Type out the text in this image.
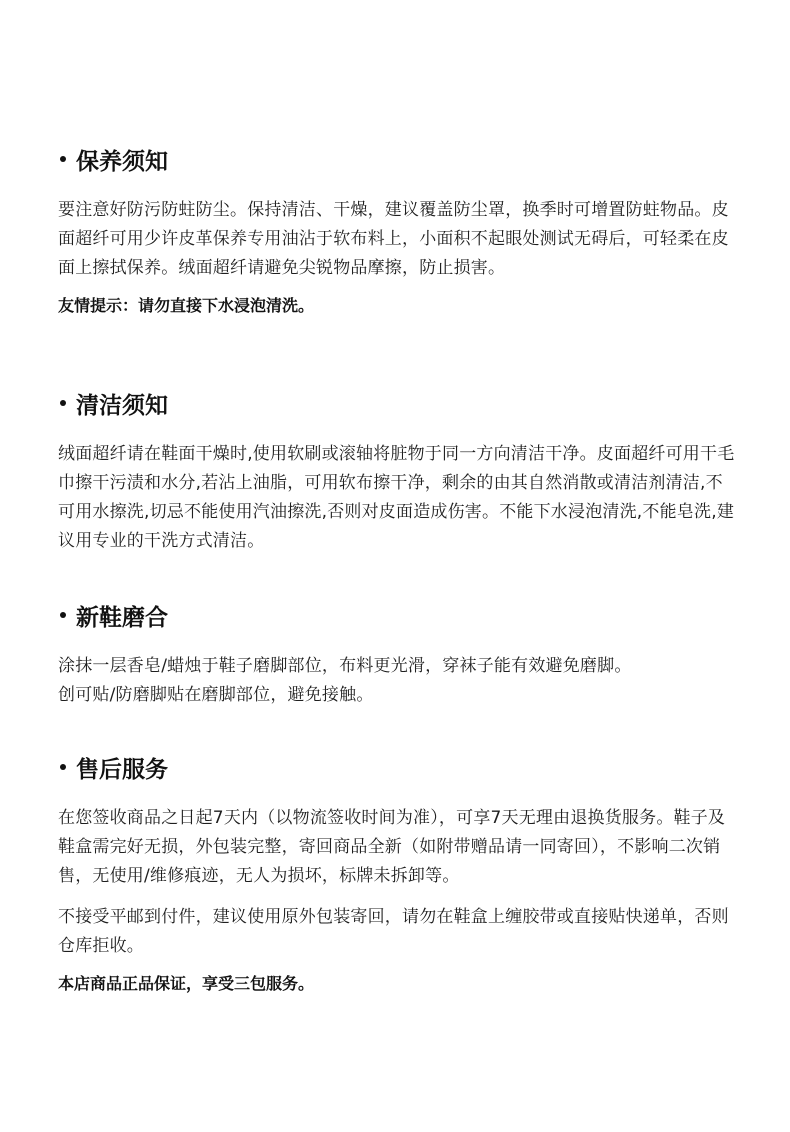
保养须知

要注意好防污防蛀防尘。保持清洁、干燥，建议覆盖防尘罩，换季时可增置防蛀物品。皮面超纤可用少许皮革保养专用油沾于软布料上，小面积不起眼处测试无碍后，可轻柔在皮面上擦拭保养。绒面超纤请避免尖锐物品摩擦，防止损害。

友情提示：请勿直接下水浸泡清洗。

清洁须知

绒面超纤请在鞋面干燥时,使用软刷或滚轴将脏物于同一方向清洁干净。皮面超纤可用干毛巾擦干污渍和水分,若沾上油脂，可用软布擦干净，剩余的由其自然消散或清洁剂清洁,不可用水擦洗,切忌不能使用汽油擦洗,否则对皮面造成伤害。不能下水浸泡清洗,不能皂洗,建议用专业的干洗方式清洁。

新鞋磨合

涂抹一层香皂/蜡烛于鞋子磨脚部位，布料更光滑，穿袜子能有效避免磨脚。
创可贴/防磨脚贴在磨脚部位，避免接触。

售后服务

在您签收商品之日起7天内（以物流签收时间为准），可享7天无理由退换货服务。鞋子及鞋盒需完好无损，外包装完整，寄回商品全新（如附带赠品请一同寄回），不影响二次销售，无使用/维修痕迹，无人为损坏，标牌未拆卸等。

不接受平邮到付件，建议使用原外包装寄回，请勿在鞋盒上缠胶带或直接贴快递单，否则仓库拒收。

本店商品正品保证，享受三包服务。
